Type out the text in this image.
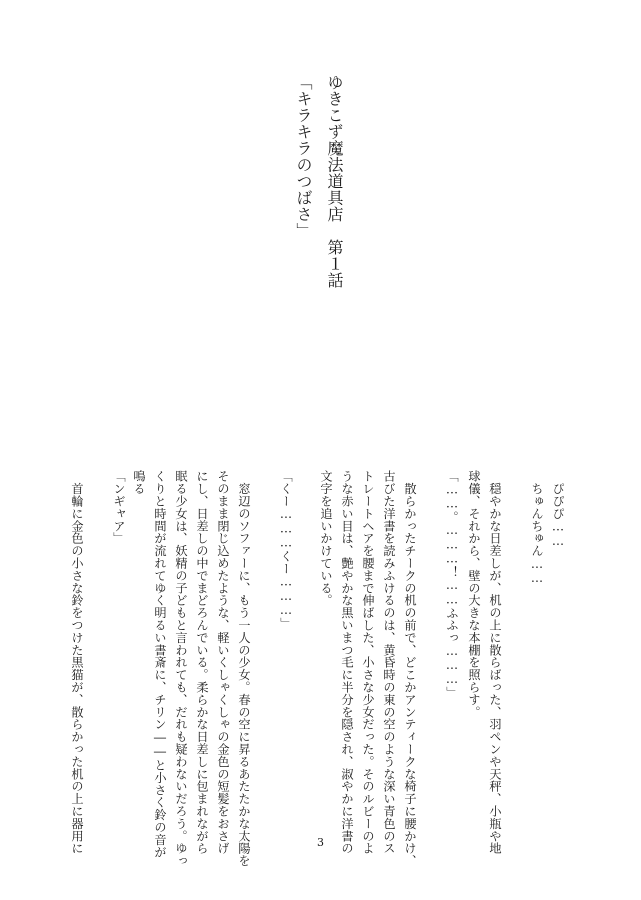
ゆきこず魔法道具店　第１話
「キラキラのつばさ」
　ぴぴぴ……
　ちゅんちゅん……
　穏やかな日差しが、机の上に散らばった、羽ペンや天秤、小瓶や地
球儀、それから、壁の大きな本棚を照らす。
「……。………！……ふふっ………」
　散らかったチークの机の前で、どこかアンティークな椅子に腰かけ、
古びた洋書を読みふけるのは、黄昏時の東の空のような深い青色のス
トレートヘアを腰まで伸ばした、小さな少女だった。そのルビーのよ
うな赤い目は、艶やかな黒いまつ毛に半分を隠され、淑やかに洋書の
文字を追いかけている。
「くー………くー………」
　窓辺のソファーに、もう一人の少女。春の空に昇るあたたかな太陽を
そのまま閉じ込めたような、軽いくしゃくしゃの金色の短髪をおさげ
にし、日差しの中でまどろんでいる。柔らかな日差しに包まれながら
眠る少女は、妖精の子どもと言われても、だれも疑わないだろう。ゆっ
くりと時間が流れてゆく明るい書斎に、チリン――と小さく鈴の音が
鳴る
「ンギャア」
　首輪に金色の小さな鈴をつけた黒猫が、散らかった机の上に器用に	3
